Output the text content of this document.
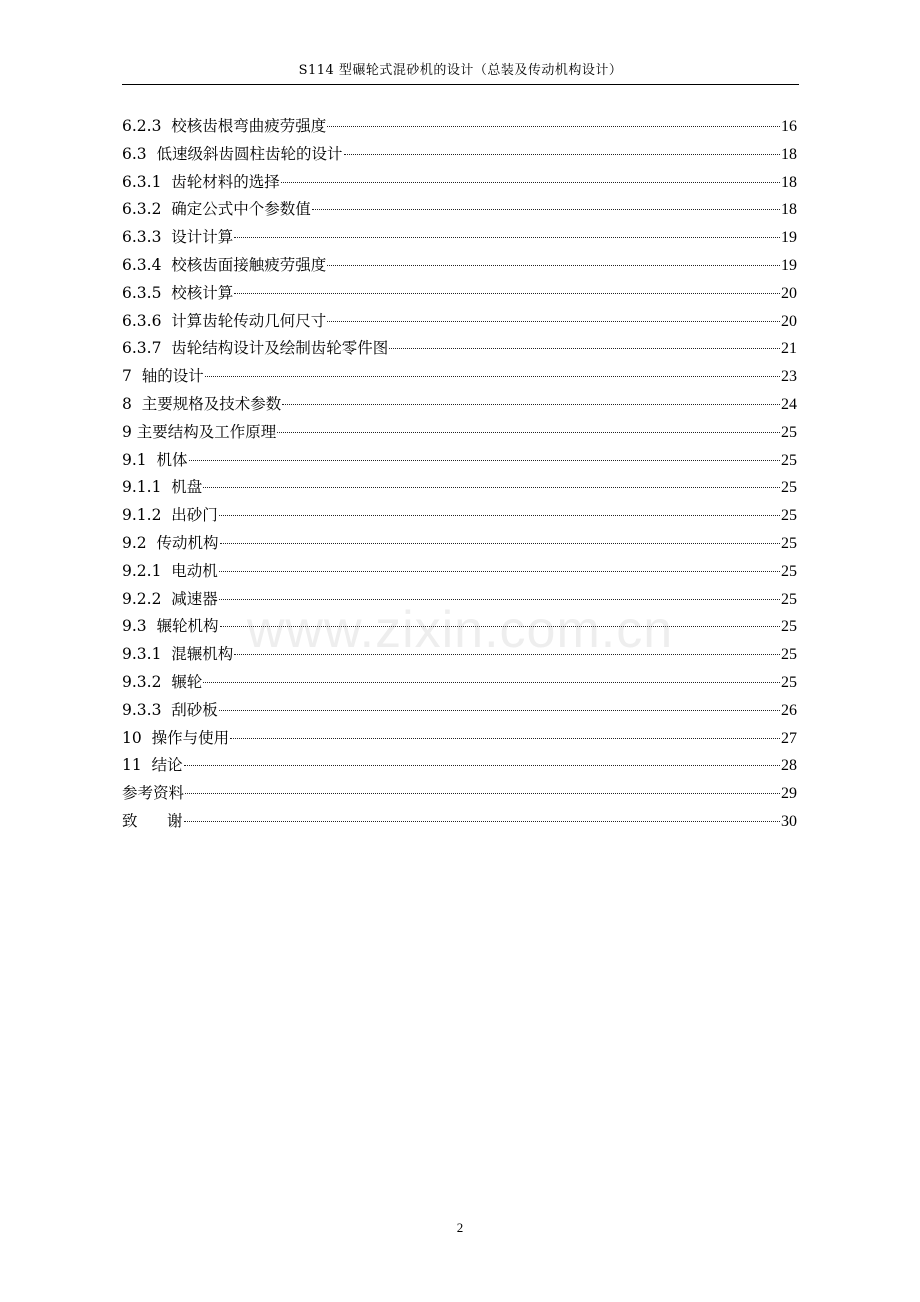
S114 型碾轮式混砂机的设计（总装及传动机构设计）
6.2.3  校核齿根弯曲疲劳强度	16
6.3  低速级斜齿圆柱齿轮的设计	18
6.3.1  齿轮材料的选择	18
6.3.2  确定公式中个参数值	18
6.3.3  设计计算	19
6.3.4  校核齿面接触疲劳强度	19
6.3.5  校核计算	20
6.3.6  计算齿轮传动几何尺寸	20
6.3.7  齿轮结构设计及绘制齿轮零件图	21
7  轴的设计	23
8  主要规格及技术参数	24
9 主要结构及工作原理	25
9.1  机体	25
9.1.1  机盘	25
9.1.2  出砂门	25
9.2  传动机构	25
9.2.1  电动机	25
9.2.2  减速器	25
9.3  辗轮机构	25
9.3.1  混辗机构	25
9.3.2  辗轮	25
9.3.3  刮砂板	26
10  操作与使用	27
11  结论	28
参考资料	29
致      谢	30
www.zixin.com.cn
2
